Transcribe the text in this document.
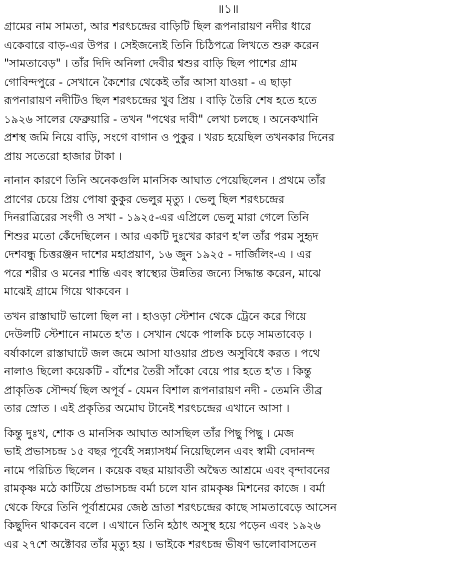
॥১॥
গ্রামের নাম সামতা, আর শরৎচন্দ্রের বাড়িটি ছিল রূপনারায়ণ নদীর ধারে
একেবারে বাড়-এর উপর । সেইজন্যেই তিনি চিঠিপত্রে লিখতে শুরু করেন
"সামতাবেড়" । তাঁর দিদি অনিলা দেবীর শ্বশুর বাড়ি ছিল পাশের গ্রাম
গোবিন্দপুরে - সেখানে কৈশোর থেকেই তাঁর আসা যাওয়া - এ ছাড়া
রূপনারায়ণ নদীটিও ছিল শরৎচন্দ্রের খুব প্রিয় । বাড়ি তৈরি শেষ হতে হতে
১৯২৬ সালের ফেব্রুয়ারি - তখন "পথের দাবী" লেখা চলছে । অনেকখানি
প্রশস্থ জমি নিয়ে বাড়ি, সংগে বাগান ও পুকুর । খরচ হয়েছিল তখনকার দিনের
প্রায় সতেরো হাজার টাকা ।
নানান কারণে তিনি অনেকগুলি মানসিক আঘাত পেয়েছিলেন । প্রথমে তাঁর
প্রাণের চেয়ে প্রিয় পোষা কুকুর ভেলুর মৃত্যু । ভেলু ছিল শরৎচন্দ্রের
দিনরাত্রিরের সংগী ও সখা - ১৯২৫-এর এপ্রিলে ভেলু মারা গেলে তিনি
শিশুর মতো কেঁদেছিলেন । আর একটি দুঃখের কারণ হ'ল তাঁর পরম সুহৃদ
দেশবন্ধু চিত্তরঞ্জন দাশের মহাপ্রয়াণ, ১৬ জুন ১৯২৫ - দার্জিলিং-এ । এর
পরে শরীর ও মনের শান্তি এবং স্বাস্থ্যের উন্নতির জন্যে সিদ্ধান্ত করেন, মাঝে
মাঝেই গ্রামে গিয়ে থাকবেন ।
তখন রাস্তাঘাট ভালো ছিল না । হাওড়া স্টেশান থেকে ট্রেনে করে গিয়ে
দেউলটি স্টেশানে নামতে হ'ত । সেখান থেকে পালকি চড়ে সামতাবেড় ।
বর্ষাকালে রাস্তাঘাটে জল জমে আসা যাওয়ার প্রচণ্ড অসুবিধে করত । পথে
নালাও ছিলো কয়েকটি - বাঁশের তৈরী সাঁকো বেয়ে পার হতে হ'ত । কিন্তু
প্রাকৃতিক সৌন্দর্য ছিল অপূর্ব - যেমন বিশাল রূপনারায়ণ নদী - তেমনি তীব্র
তার স্রোত । এই প্রকৃতির অমোঘ টানেই শরৎচন্দ্রের এখানে আসা ।
কিন্তু দুঃখ, শোক ও মানসিক আঘাত আসছিল তাঁর পিছু পিছু । মেজ
ভাই প্রভাসচন্দ্র ১৫ বছর পূর্বেই সন্ন্যাসধর্ম নিয়েছিলেন এবং স্বামী বেদানন্দ
নামে পরিচিত ছিলেন । কয়েক বছর মায়াবতী অদ্বৈত আশ্রমে এবং বৃন্দাবনের
রামকৃষ্ণ মঠে কাটিয়ে প্রভাসচন্দ্র বর্মা চলে যান রামকৃষ্ণ মিশনের কাজে । বর্মা
থেকে ফিরে তিনি পূর্বাশ্রমের জেষ্ঠ ভ্রাতা শরৎচন্দ্রের কাছে সামতাবেড়ে আসেন
কিছুদিন থাকবেন বলে । এখানে তিনি হঠাৎ অসুস্থ হয়ে পড়েন এবং ১৯২৬
এর ২৭শে অক্টোবর তাঁর মৃত্যু হয় । ভাইকে শরৎচন্দ্র ভীষণ ভালোবাসতেন
